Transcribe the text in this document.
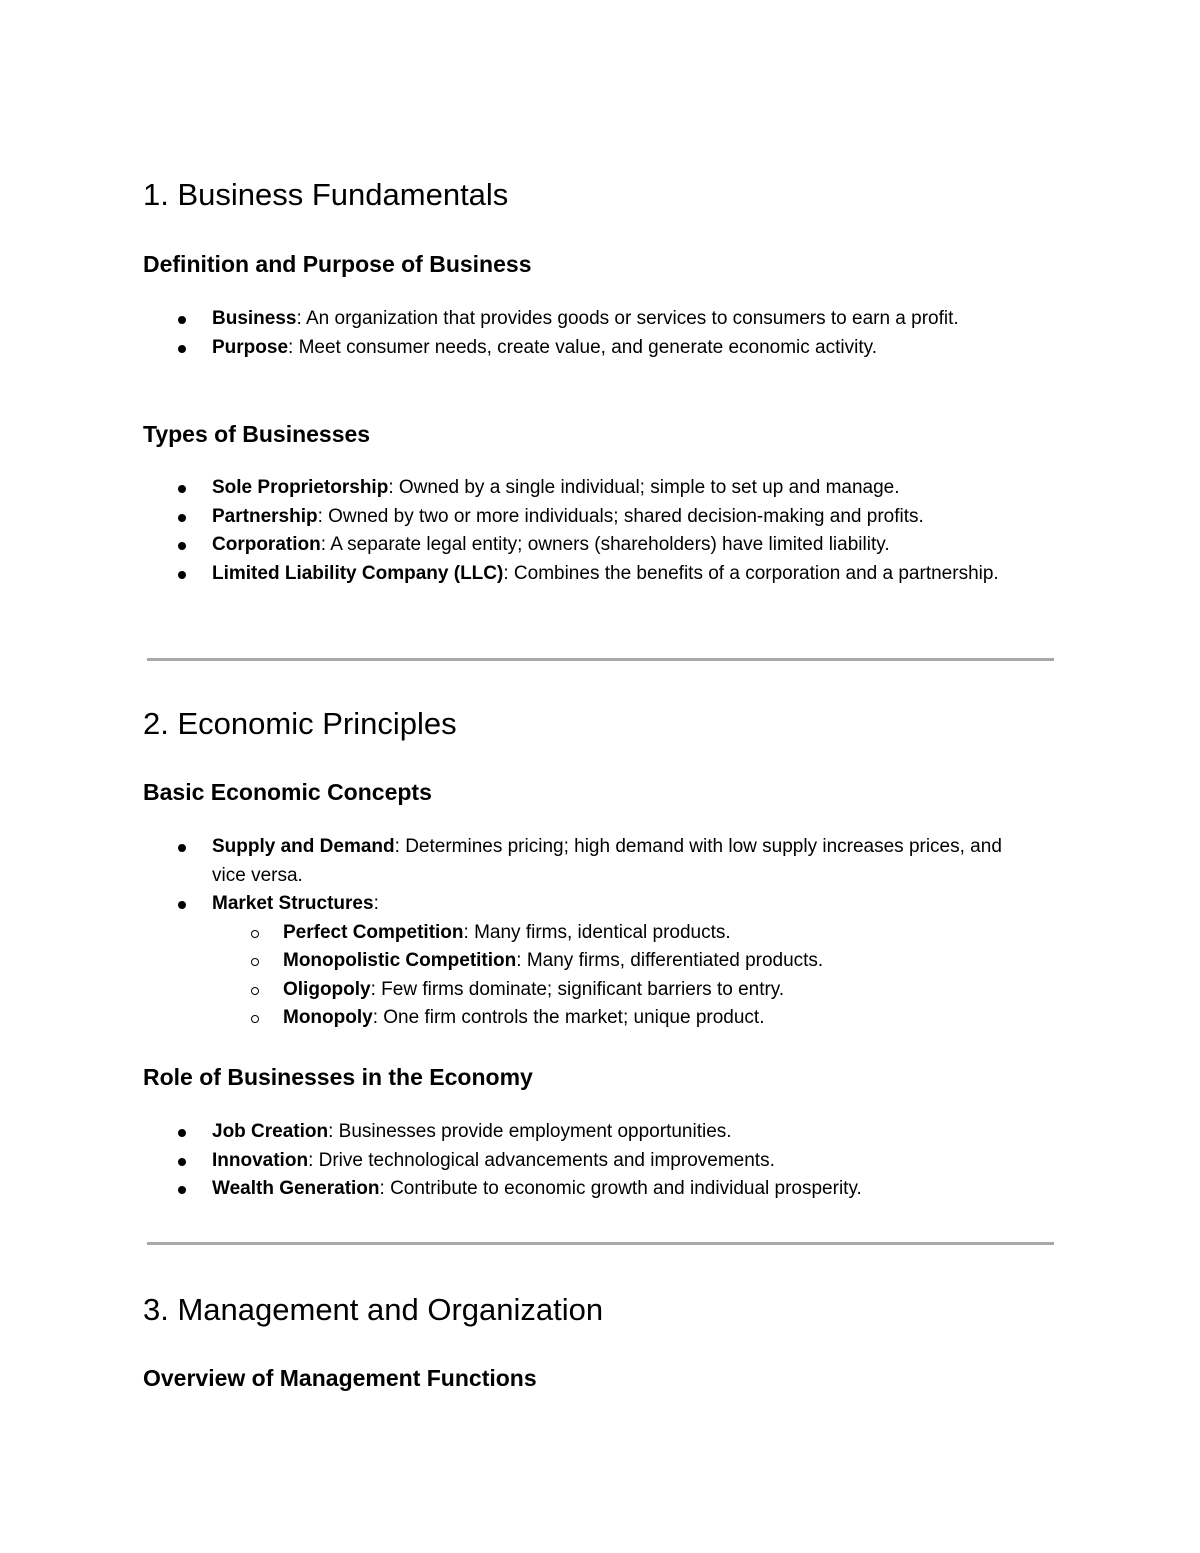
1. Business Fundamentals
Definition and Purpose of Business
Business: An organization that provides goods or services to consumers to earn a profit.
Purpose: Meet consumer needs, create value, and generate economic activity.
Types of Businesses
Sole Proprietorship: Owned by a single individual; simple to set up and manage.
Partnership: Owned by two or more individuals; shared decision-making and profits.
Corporation: A separate legal entity; owners (shareholders) have limited liability.
Limited Liability Company (LLC): Combines the benefits of a corporation and a partnership.
2. Economic Principles
Basic Economic Concepts
Supply and Demand: Determines pricing; high demand with low supply increases prices, and vice versa.
Market Structures:
Perfect Competition: Many firms, identical products.
Monopolistic Competition: Many firms, differentiated products.
Oligopoly: Few firms dominate; significant barriers to entry.
Monopoly: One firm controls the market; unique product.
Role of Businesses in the Economy
Job Creation: Businesses provide employment opportunities.
Innovation: Drive technological advancements and improvements.
Wealth Generation: Contribute to economic growth and individual prosperity.
3. Management and Organization
Overview of Management Functions
